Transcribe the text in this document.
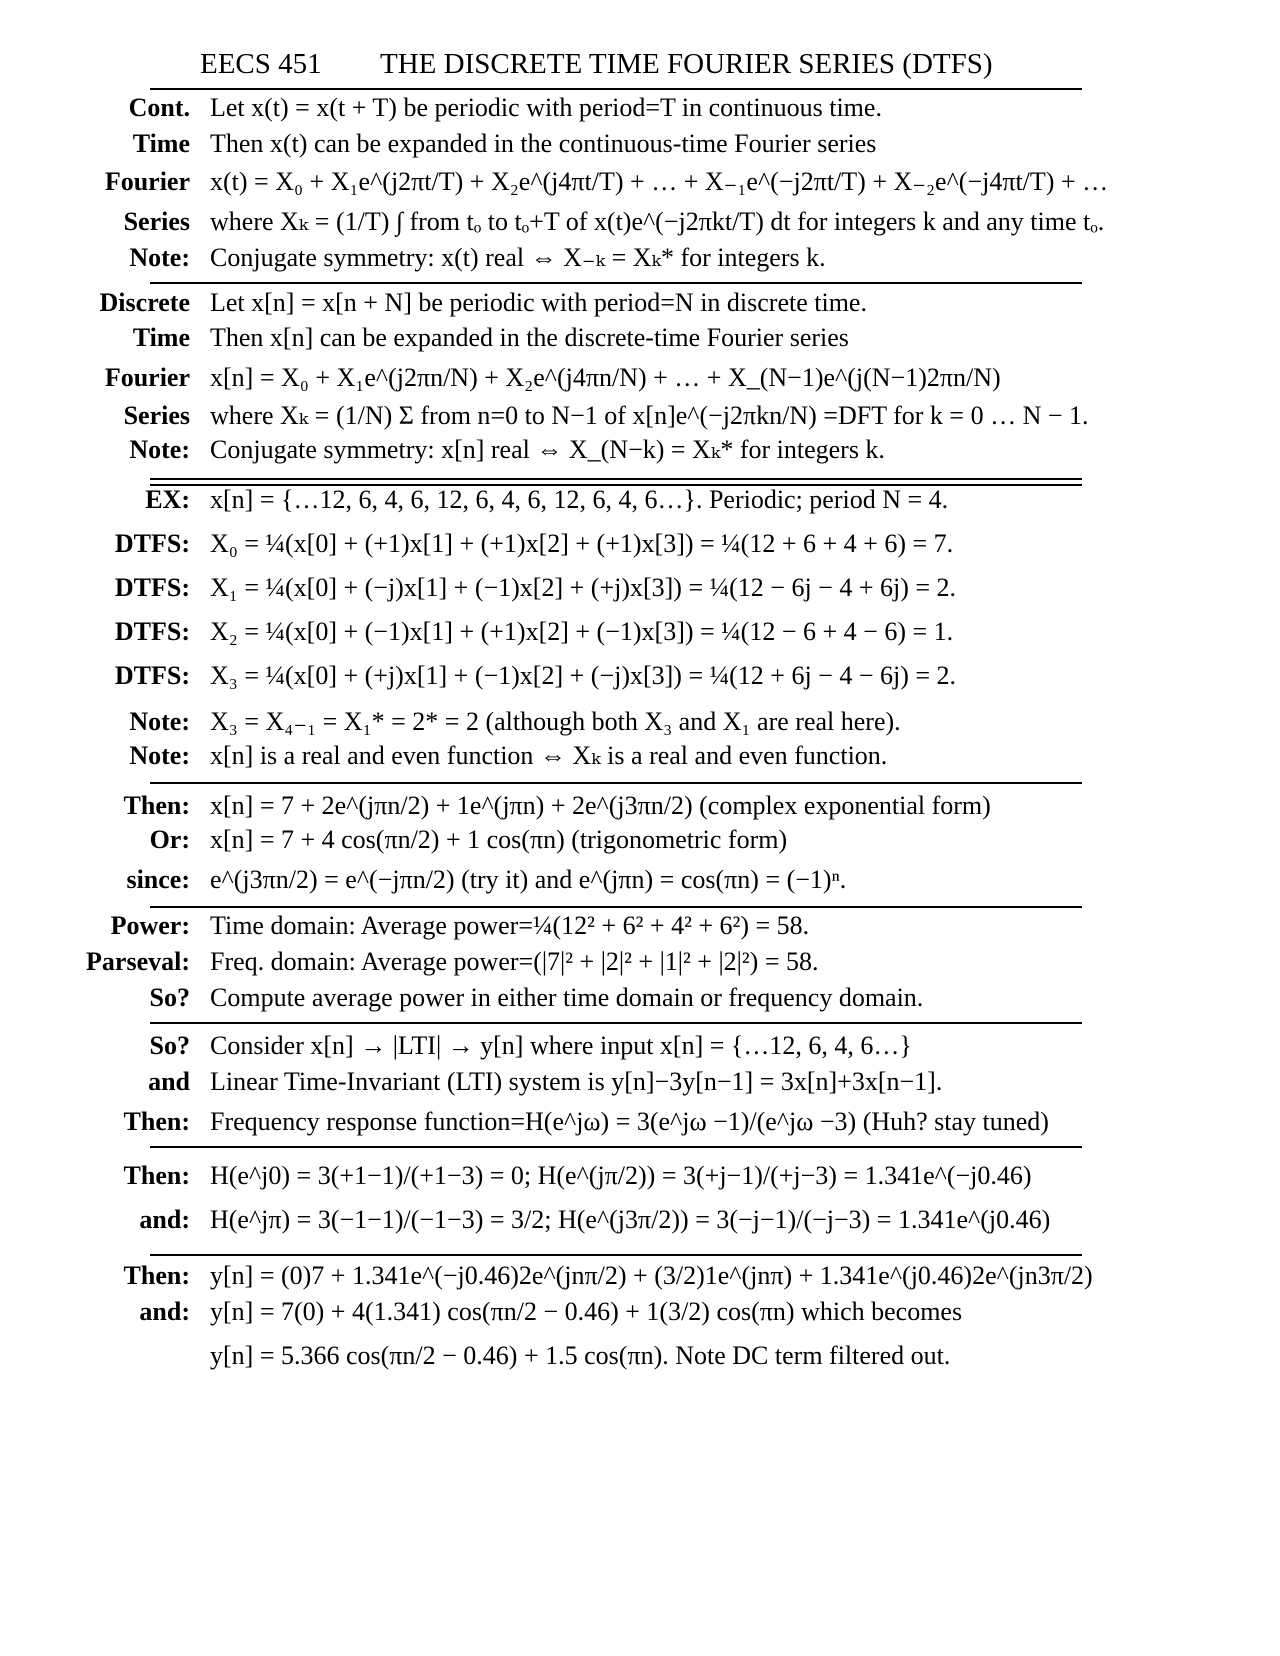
EECS 451 THE DISCRETE TIME FOURIER SERIES (DTFS)
Cont. Let x(t) = x(t + T) be periodic with period=T in continuous time.
Time Then x(t) can be expanded in the continuous-time Fourier series
Fourier x(t) = X₀ + X₁e^(j2πt/T) + X₂e^(j4πt/T) + … + X₋₁e^(−j2πt/T) + X₋₂e^(−j4πt/T) + …
Series where Xₖ = (1/T) ∫ from tₒ to tₒ+T of x(t)e^(−j2πkt/T) dt for integers k and any time tₒ.
Note: Conjugate symmetry: x(t) real ⇔ X₋ₖ = Xₖ* for integers k.
Discrete Let x[n] = x[n + N] be periodic with period=N in discrete time.
Time Then x[n] can be expanded in the discrete-time Fourier series
Fourier x[n] = X₀ + X₁e^(j2πn/N) + X₂e^(j4πn/N) + … + X_(N−1)e^(j(N−1)2πn/N)
Series where Xₖ = (1/N) Σ from n=0 to N−1 of x[n]e^(−j2πkn/N) =DFT for k = 0 … N − 1.
Note: Conjugate symmetry: x[n] real ⇔ X_(N−k) = Xₖ* for integers k.
EX: x[n] = {…12, 6, 4, 6, 12, 6, 4, 6, 12, 6, 4, 6…}. Periodic; period N = 4.
DTFS: X₀ = ¼(x[0] + (+1)x[1] + (+1)x[2] + (+1)x[3]) = ¼(12 + 6 + 4 + 6) = 7.
DTFS: X₁ = ¼(x[0] + (−j)x[1] + (−1)x[2] + (+j)x[3]) = ¼(12 − 6j − 4 + 6j) = 2.
DTFS: X₂ = ¼(x[0] + (−1)x[1] + (+1)x[2] + (−1)x[3]) = ¼(12 − 6 + 4 − 6) = 1.
DTFS: X₃ = ¼(x[0] + (+j)x[1] + (−1)x[2] + (−j)x[3]) = ¼(12 + 6j − 4 − 6j) = 2.
Note: X₃ = X₄₋₁ = X₁* = 2* = 2 (although both X₃ and X₁ are real here).
Note: x[n] is a real and even function ⇔ Xₖ is a real and even function.
Then: x[n] = 7 + 2e^(jπn/2) + 1e^(jπn) + 2e^(j3πn/2) (complex exponential form)
Or: x[n] = 7 + 4 cos(πn/2) + 1 cos(πn) (trigonometric form)
since: e^(j3πn/2) = e^(−jπn/2) (try it) and e^(jπn) = cos(πn) = (−1)ⁿ.
Power: Time domain: Average power=¼(12² + 6² + 4² + 6²) = 58.
Parseval: Freq. domain: Average power=(|7|² + |2|² + |1|² + |2|²) = 58.
So? Compute average power in either time domain or frequency domain.
So? Consider x[n] → |LTI| → y[n] where input x[n] = {…12, 6, 4, 6…}
and Linear Time-Invariant (LTI) system is y[n]−3y[n−1] = 3x[n]+3x[n−1].
Then: Frequency response function=H(e^jω) = 3(e^jω −1)/(e^jω −3) (Huh? stay tuned)
Then: H(e^j0) = 3(+1−1)/(+1−3) = 0; H(e^(jπ/2)) = 3(+j−1)/(+j−3) = 1.341e^(−j0.46)
and: H(e^jπ) = 3(−1−1)/(−1−3) = 3/2; H(e^(j3π/2)) = 3(−j−1)/(−j−3) = 1.341e^(j0.46)
Then: y[n] = (0)7 + 1.341e^(−j0.46)2e^(jnπ/2) + (3/2)1e^(jnπ) + 1.341e^(j0.46)2e^(jn3π/2)
and: y[n] = 7(0) + 4(1.341) cos(πn/2 − 0.46) + 1(3/2) cos(πn) which becomes
y[n] = 5.366 cos(πn/2 − 0.46) + 1.5 cos(πn). Note DC term filtered out.
